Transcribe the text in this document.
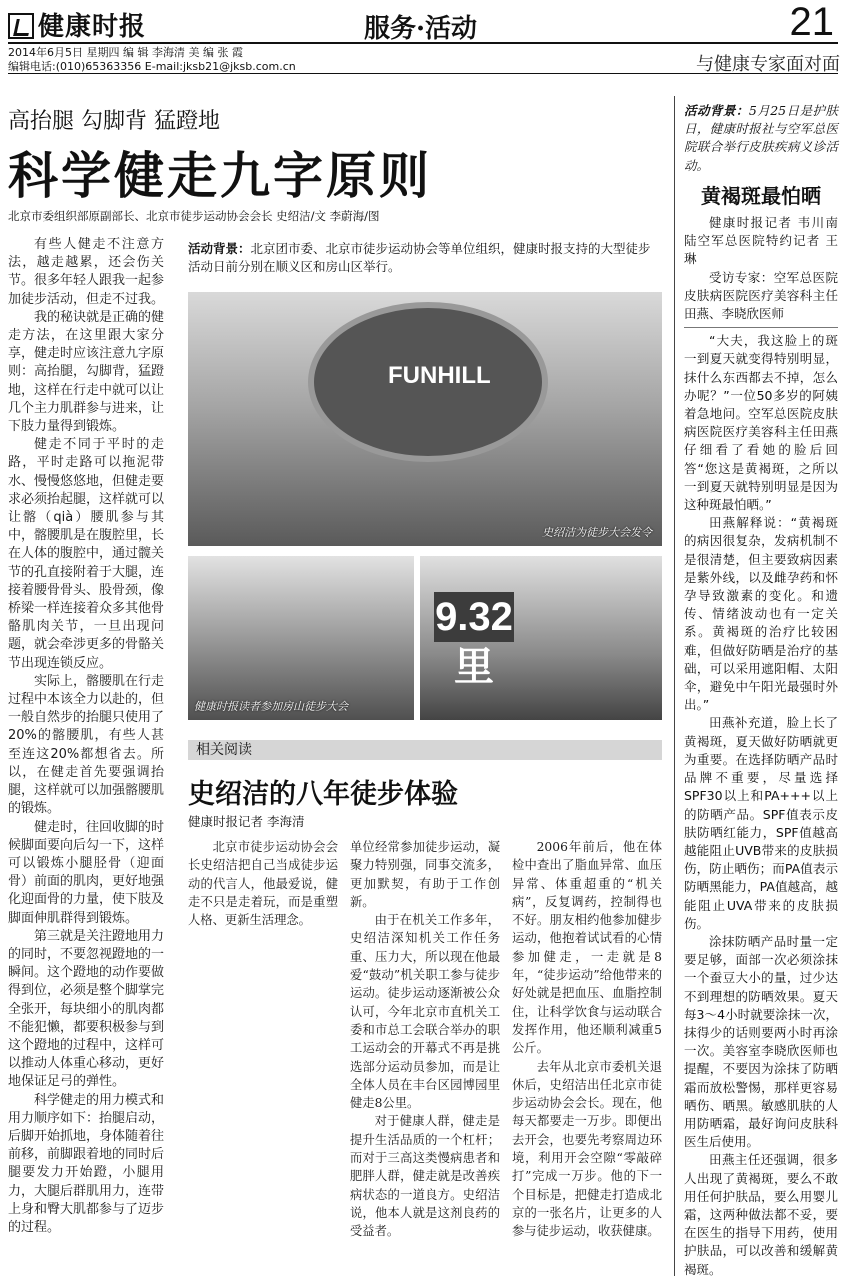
健康时报	服务·活动	21
2014年6月5日 星期四 编 辑 李海清 美 编 张 霞
编辑电话:(010)65363356 E-mail:jksb21@jksb.com.cn	与健康专家面对面
高抬腿 勾脚背 猛蹬地
科学健走九字原则
北京市委组织部原副部长、北京市徒步运动协会会长 史绍洁/文 李蔚海/图

有些人健走不注意方法，越走越累，还会伤关节。很多年轻人跟我一起参加徒步活动，但走不过我。

我的秘诀就是正确的健走方法，在这里跟大家分享，健走时应该注意九字原则：高抬腿，勾脚背，猛蹬地，这样在行走中就可以让几个主力肌群参与进来，让下肢力量得到锻炼。

健走不同于平时的走路，平时走路可以拖泥带水、慢慢悠悠地，但健走要求必须抬起腿，这样就可以让髂（qià）腰肌参与其中，髂腰肌是在腹腔里，长在人体的腹腔中，通过髋关节的孔直接附着于大腿，连接着腰骨骨头、股骨颈，像桥梁一样连接着众多其他骨骼肌肉关节，一旦出现问题，就会牵涉更多的骨骼关节出现连锁反应。

实际上，髂腰肌在行走过程中本该全力以赴的，但一般自然步的抬腿只使用了20%的髂腰肌，有些人甚至连这20%都想省去。所以，在健走首先要强调抬腿，这样就可以加强髂腰肌的锻炼。

健走时，往回收脚的时候脚面要向后勾一下，这样可以锻炼小腿胫骨（迎面骨）前面的肌肉，更好地强化迎面骨的力量，使下肢及脚面伸肌群得到锻炼。

第三就是关注蹬地用力的同时，不要忽视蹬地的一瞬间。这个蹬地的动作要做得到位，必须是整个脚掌完全张开，每块细小的肌肉都不能犯懒，都要积极参与到这个蹬地的过程中，这样可以推动人体重心移动，更好地保证足弓的弹性。

科学健走的用力模式和用力顺序如下：抬腿启动，后脚开始抓地，身体随着往前移，前脚跟着地的同时后腿要发力开始蹬，小腿用力，大腿后群肌用力，连带上身和臀大肌都参与了迈步的过程。

活动背景：北京团市委、北京市徒步运动协会等单位组织，健康时报支持的大型徒步活动日前分别在顺义区和房山区举行。
FUNHILL
史绍洁为徒步大会发令
健康时报读者参加房山徒步大会
9.32里
相关阅读
史绍洁的八年徒步体验
健康时报记者 李海清

北京市徒步运动协会会长史绍洁把自己当成徒步运动的代言人，他最爱说，健走不只是走着玩，而是重塑人格、更新生活理念。

单位经常参加徒步运动，凝聚力特别强，同事交流多，更加默契，有助于工作创新。

由于在机关工作多年，史绍洁深知机关工作任务重、压力大，所以现在他最爱“鼓动”机关职工参与徒步运动。徒步运动逐渐被公众认可，今年北京市直机关工委和市总工会联合举办的职工运动会的开幕式不再是挑选部分运动员参加，而是让全体人员在丰台区园博园里健走8公里。

对于健康人群，健走是提升生活品质的一个杠杆；而对于三高这类慢病患者和肥胖人群，健走就是改善疾病状态的一道良方。史绍洁说，他本人就是这剂良药的受益者。

2006年前后，他在体检中查出了脂血异常、血压异常、体重超重的“机关病”，反复调药，控制得也不好。朋友相约他参加健步运动，他抱着试试看的心情参加健走，一走就是8年，“徒步运动”给他带来的好处就是把血压、血脂控制住，让科学饮食与运动联合发挥作用，他还顺利减重5公斤。

去年从北京市委机关退休后，史绍洁出任北京市徒步运动协会会长。现在，他每天都要走一万步。即便出去开会，也要先考察周边环境，利用开会空隙“零敲碎打”完成一万步。他的下一个目标是，把健走打造成北京的一张名片，让更多的人参与徒步运动，收获健康。

活动背景：5月25日是护肤日，健康时报社与空军总医院联合举行皮肤疾病义诊活动。
黄褐斑最怕晒

健康时报记者 韦川南 陆空军总医院特约记者 王 琳

受访专家：空军总医院皮肤病医院医疗美容科主任田燕、李晓欣医师

“大夫，我这脸上的斑一到夏天就变得特别明显，抹什么东西都去不掉，怎么办呢？”一位50多岁的阿姨着急地问。空军总医院皮肤病医院医疗美容科主任田燕仔细看了看她的脸后回答“您这是黄褐斑，之所以一到夏天就特别明显是因为这种斑最怕晒。”

田燕解释说：“黄褐斑的病因很复杂，发病机制不是很清楚，但主要致病因素是紫外线，以及雌孕药和怀孕导致激素的变化。和遗传、情绪波动也有一定关系。黄褐斑的治疗比较困难，但做好防晒是治疗的基础，可以采用遮阳帽、太阳伞，避免中午阳光最强时外出。”

田燕补充道，脸上长了黄褐斑，夏天做好防晒就更为重要。在选择防晒产品时品牌不重要，尽量选择SPF30以上和PA+++以上的防晒产品。SPF值表示皮肤防晒红能力，SPF值越高越能阻止UVB带来的皮肤损伤，防止晒伤；而PA值表示防晒黑能力，PA值越高，越能阻止UVA带来的皮肤损伤。

涂抹防晒产品时量一定要足够，面部一次必须涂抹一个蚕豆大小的量，过少达不到理想的防晒效果。夏天每3～4小时就要涂抹一次，抹得少的话则要两小时再涂一次。美容室李晓欣医师也提醒，不要因为涂抹了防晒霜而放松警惕，那样更容易晒伤、晒黑。敏感肌肤的人用防晒霜，最好询问皮肤科医生后使用。

田燕主任还强调，很多人出现了黄褐斑，要么不敢用任何护肤品，要么用婴儿霜，这两种做法都不妥，要在医生的指导下用药，使用护肤品，可以改善和缓解黄褐斑。
